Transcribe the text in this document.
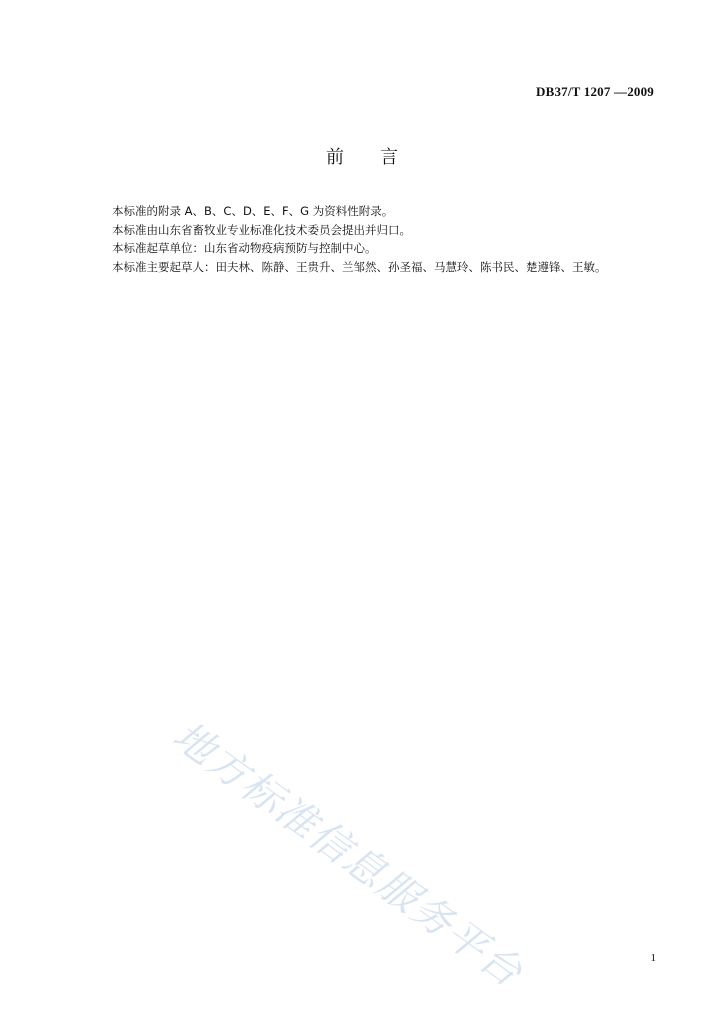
DB37/T 1207 —2009
前 言

本标准的附录 A、B、C、D、E、F、G 为资料性附录。

本标准由山东省畜牧业专业标准化技术委员会提出并归口。

本标准起草单位：山东省动物疫病预防与控制中心。

本标准主要起草人：田夫林、陈静、王贵升、兰邹然、孙圣福、马慧玲、陈书民、楚遵锋、王敏。

地方标准信息服务平台	1
